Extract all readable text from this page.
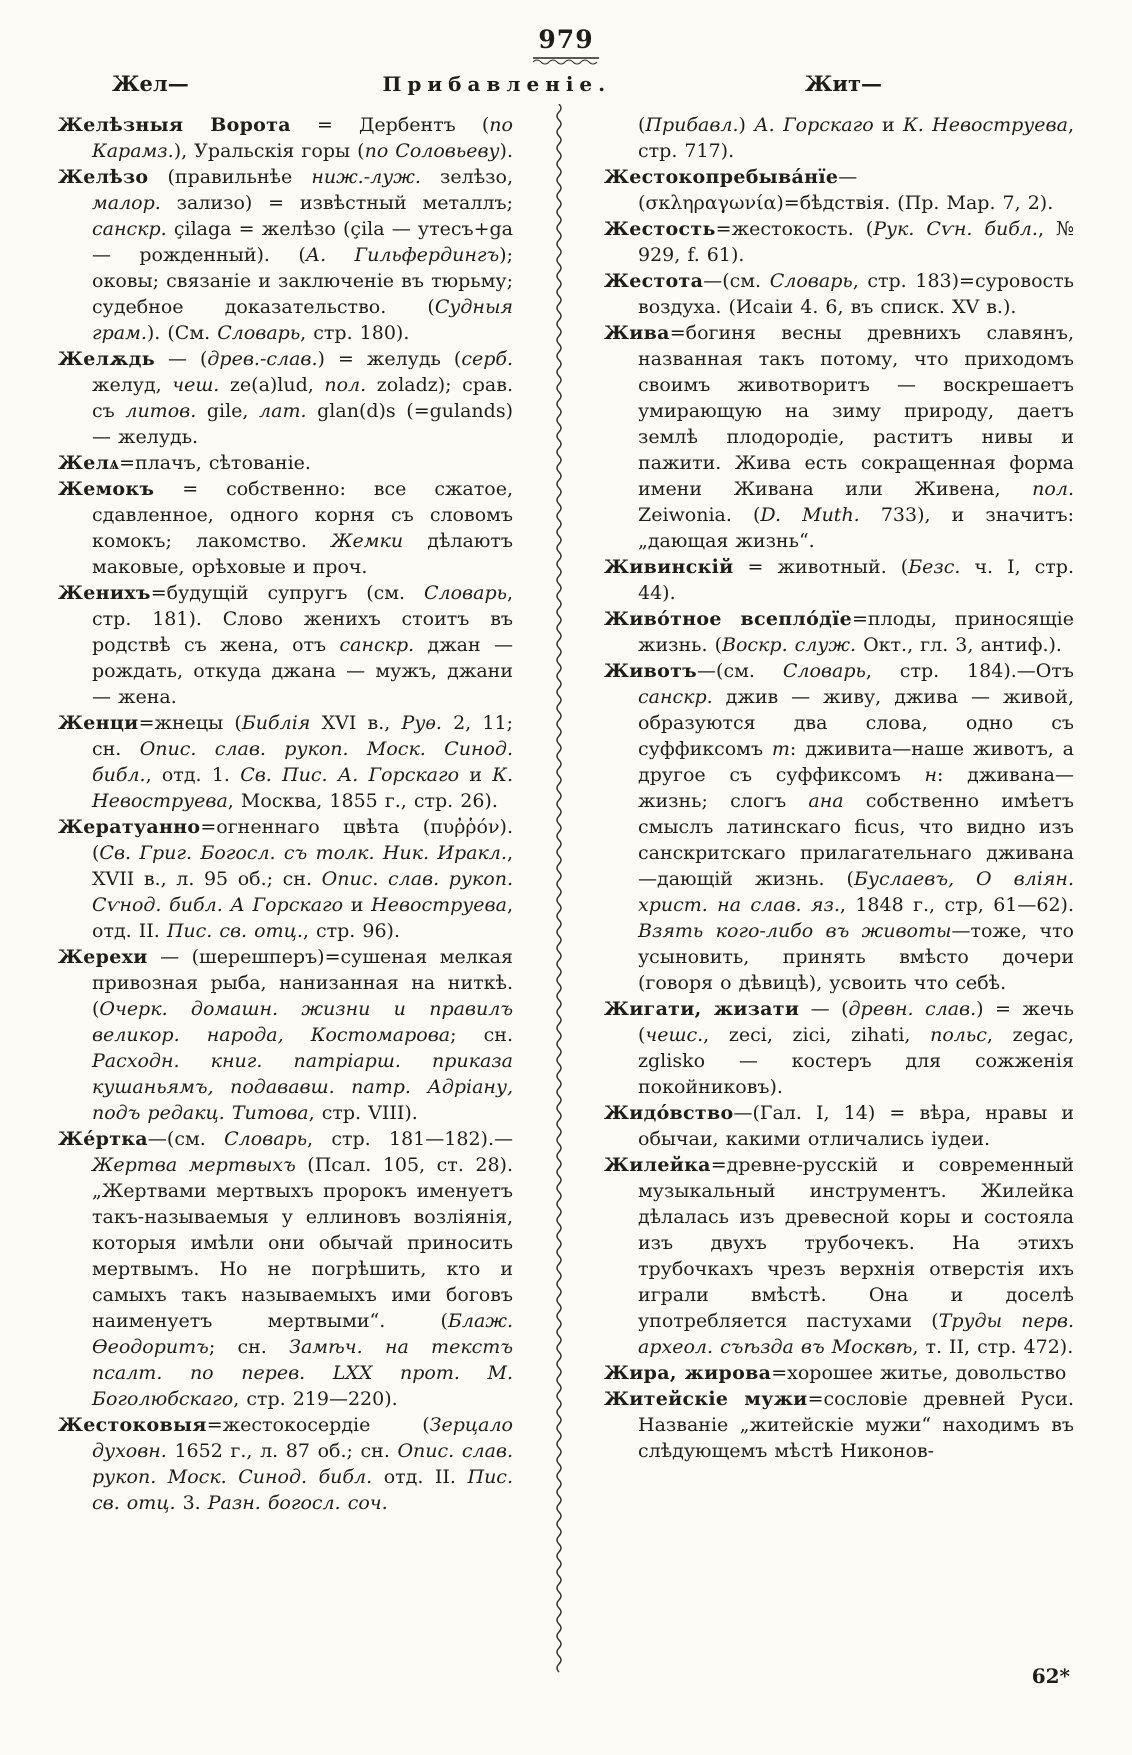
979
Жел—	Прибавленіе.	Жит—

Желѣзныя Ворота = Дербентъ (по Карамз.), Уральскія горы (по Соловьеву).

Желѣзо (правильнѣе ниж.-луж. зелѣзо, малор. зализо) = извѣстный металлъ; санскр. çilaga = желѣзо (çila — утесъ+ga — рожденный). (А. Гильфердингъ); оковы; связаніе и заключеніе въ тюрьму; судебное доказательство. (Судныя грам.). (См. Словарь, стр. 180).

Желѫдь — (древ.-слав.) = желудь (серб. желуд, чеш. ze(a)lud, пол. zoladz); срав. съ литов. gile, лат. glan(d)s (=gulands) — желудь.

Желѧ=плачъ, сѣтованіе.

Жемокъ = собственно: все сжатое, сдавленное, одного корня съ словомъ комокъ; лакомство. Жемки дѣлаютъ маковые, орѣховые и проч.

Женихъ=будущій супругъ (см. Словарь, стр. 181). Слово женихъ стоитъ въ родствѣ съ жена, отъ санскр. джан — рождать, откуда джана — мужъ, джани — жена.

Женци=жнецы (Библія XVI в., Руѳ. 2, 11; сн. Опис. слав. рукоп. Моск. Синод. библ., отд. 1. Св. Пис. А. Горскаго и К. Невоструева, Москва, 1855 г., стр. 26).

Жератуанно=огненнаго цвѣта (πυῤῥόν). (Св. Григ. Богосл. съ толк. Ник. Иракл., XVII в., л. 95 об.; сн. Опис. слав. рукоп. Сѵнод. библ. А Горскаго и Невоструева, отд. II. Пис. св. отц., стр. 96).

Жерехи — (шерешперъ)=сушеная мелкая привозная рыба, нанизанная на ниткѣ. (Очерк. домашн. жизни и правилъ великор. народа, Костомарова; сн. Расходн. книг. патріарш. приказа кушаньямъ, подававш. патр. Адріану, подъ редакц. Титова, стр. VIII).

Же́ртка—(см. Словарь, стр. 181—182).— Жертва мертвыхъ (Псал. 105, ст. 28). „Жертвами мертвыхъ пророкъ именуетъ такъ-называемыя у еллиновъ возліянія, которыя имѣли они обычай приносить мертвымъ. Но не погрѣшить, кто и самыхъ такъ называемыхъ ими боговъ наименуетъ мертвыми“. (Блаж. Ѳеодоритъ; сн. Замѣч. на текстъ псалт. по перев. LXX прот. М. Боголюбскаго, стр. 219—220).

Жестоковыя=жестокосердіе (Зерцало духовн. 1652 г., л. 87 об.; сн. Опис. слав. рукоп. Моск. Синод. библ. отд. II. Пис. св. отц. 3. Разн. богосл. соч.

(Прибавл.) А. Горскаго и К. Невоструева, стр. 717).

Жестокопребыва́нїе—(σκληραγωνία)=бѣдствія. (Пр. Мар. 7, 2).

Жестость=жестокость. (Рук. Сѵн. библ., № 929, f. 61).

Жестота—(см. Словарь, стр. 183)=суровость воздуха. (Исаіи 4. 6, въ списк. XV в.).

Жива=богиня весны древнихъ славянъ, названная такъ потому, что приходомъ своимъ животворитъ — воскрешаетъ умирающую на зиму природу, даетъ землѣ плодородіе, раститъ нивы и пажити. Жива есть сокращенная форма имени Живана или Живена, пол. Zeiwonia. (D. Muth. 733), и значитъ: „дающая жизнь“.

Живинскій = животный. (Безс. ч. I, стр. 44).

Живо́тное всепло́дїе=плоды, приносящіе жизнь. (Воскр. служ. Окт., гл. 3, антиф.).

Животъ—(см. Словарь, стр. 184).—Отъ санскр. джив — живу, джива — живой, образуются два слова, одно съ суффиксомъ т: дживита—наше животъ, а другое съ суффиксомъ н: дживана—жизнь; слогъ ана собственно имѣетъ смыслъ латинскаго ficus, что видно изъ санскритскаго прилагательнаго дживана—дающій жизнь. (Буслаевъ, О вліян. христ. на слав. яз., 1848 г., стр, 61—62). Взять кого-либо въ животы—тоже, что усыновить, принять вмѣсто дочери (говоря о дѣвицѣ), усвоить что себѣ.

Жигати, жизати — (древн. слав.) = жечь (чешс., zeci, zici, zihati, польс, zegac, zglisko — костеръ для сожженія покойниковъ).

Жидо́вство—(Гал. I, 14) = вѣра, нравы и обычаи, какими отличались іудеи.

Жилейка=древне-русскій и современный музыкальный инструментъ. Жилейка дѣлалась изъ древесной коры и состояла изъ двухъ трубочекъ. На этихъ трубочкахъ чрезъ верхнія отверстія ихъ играли вмѣстѣ. Она и доселѣ употребляется пастухами (Труды перв. археол. съѣзда въ Москвѣ, т. II, стр. 472).

Жира, жирова=хорошее житье, довольство

Житейскіе мужи=сословіе древней Руси. Названіе „житейскіе мужи“ находимъ въ слѣдующемъ мѣстѣ Никонов-

62*
